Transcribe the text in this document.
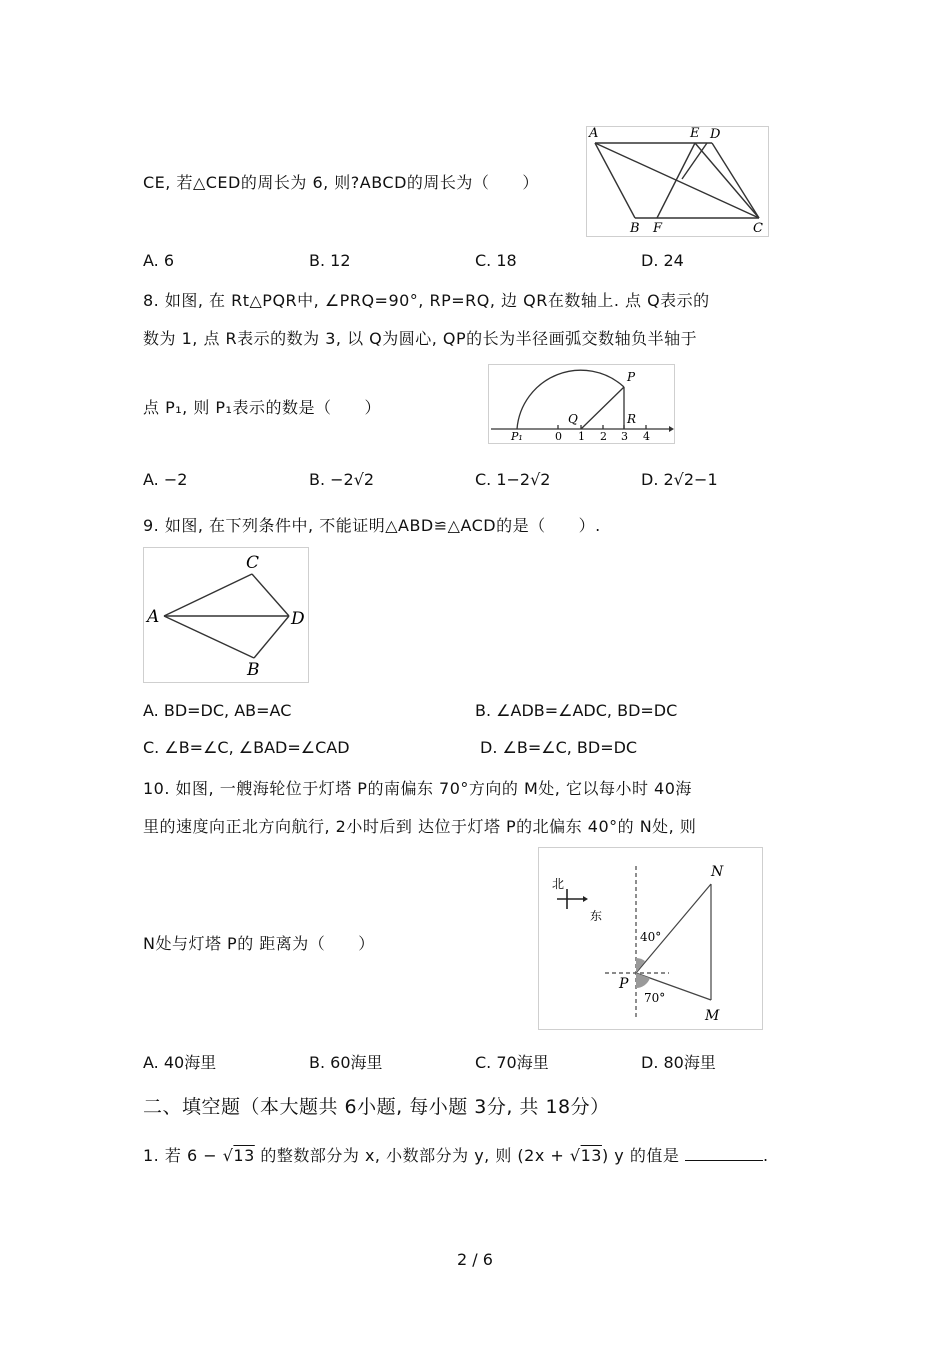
CE, 若△CED的周长为 6, 则?ABCD的周长为（　　）
A	E D
B F	C
A. 6	B. 12	C. 18	D. 24
8. 如图, 在 Rt△PQR中, ∠PRQ=90°, RP=RQ, 边 QR在数轴上. 点 Q表示的
数为 1, 点 R表示的数为 3, 以 Q为圆心, QP的长为半径画弧交数轴负半轴于
点 P₁, 则 P₁表示的数是（　　）
P
Q	R
P₁	0 1 2 3 4
A. −2	B. −2√2	C. 1−2√2	D. 2√2−1
9. 如图, 在下列条件中, 不能证明△ABD≌△ACD的是（　　）.
C
A	D
B
A. BD=DC, AB=AC	B. ∠ADB=∠ADC, BD=DC
C. ∠B=∠C, ∠BAD=∠CAD	D. ∠B=∠C, BD=DC
10. 如图, 一艘海轮位于灯塔 P的南偏东 70°方向的 M处, 它以每小时 40海
里的速度向正北方向航行, 2小时后到 达位于灯塔 P的北偏东 40°的 N处, 则
N处与灯塔 P的 距离为（　　）
北
东
N
40°
P
70°
M
A. 40海里	B. 60海里	C. 70海里	D. 80海里
二、填空题（本大题共 6小题, 每小题 3分, 共 18分）
1. 若 6 − √13 的整数部分为 x, 小数部分为 y, 则 (2x + √13) y 的值是	.
2 / 6
